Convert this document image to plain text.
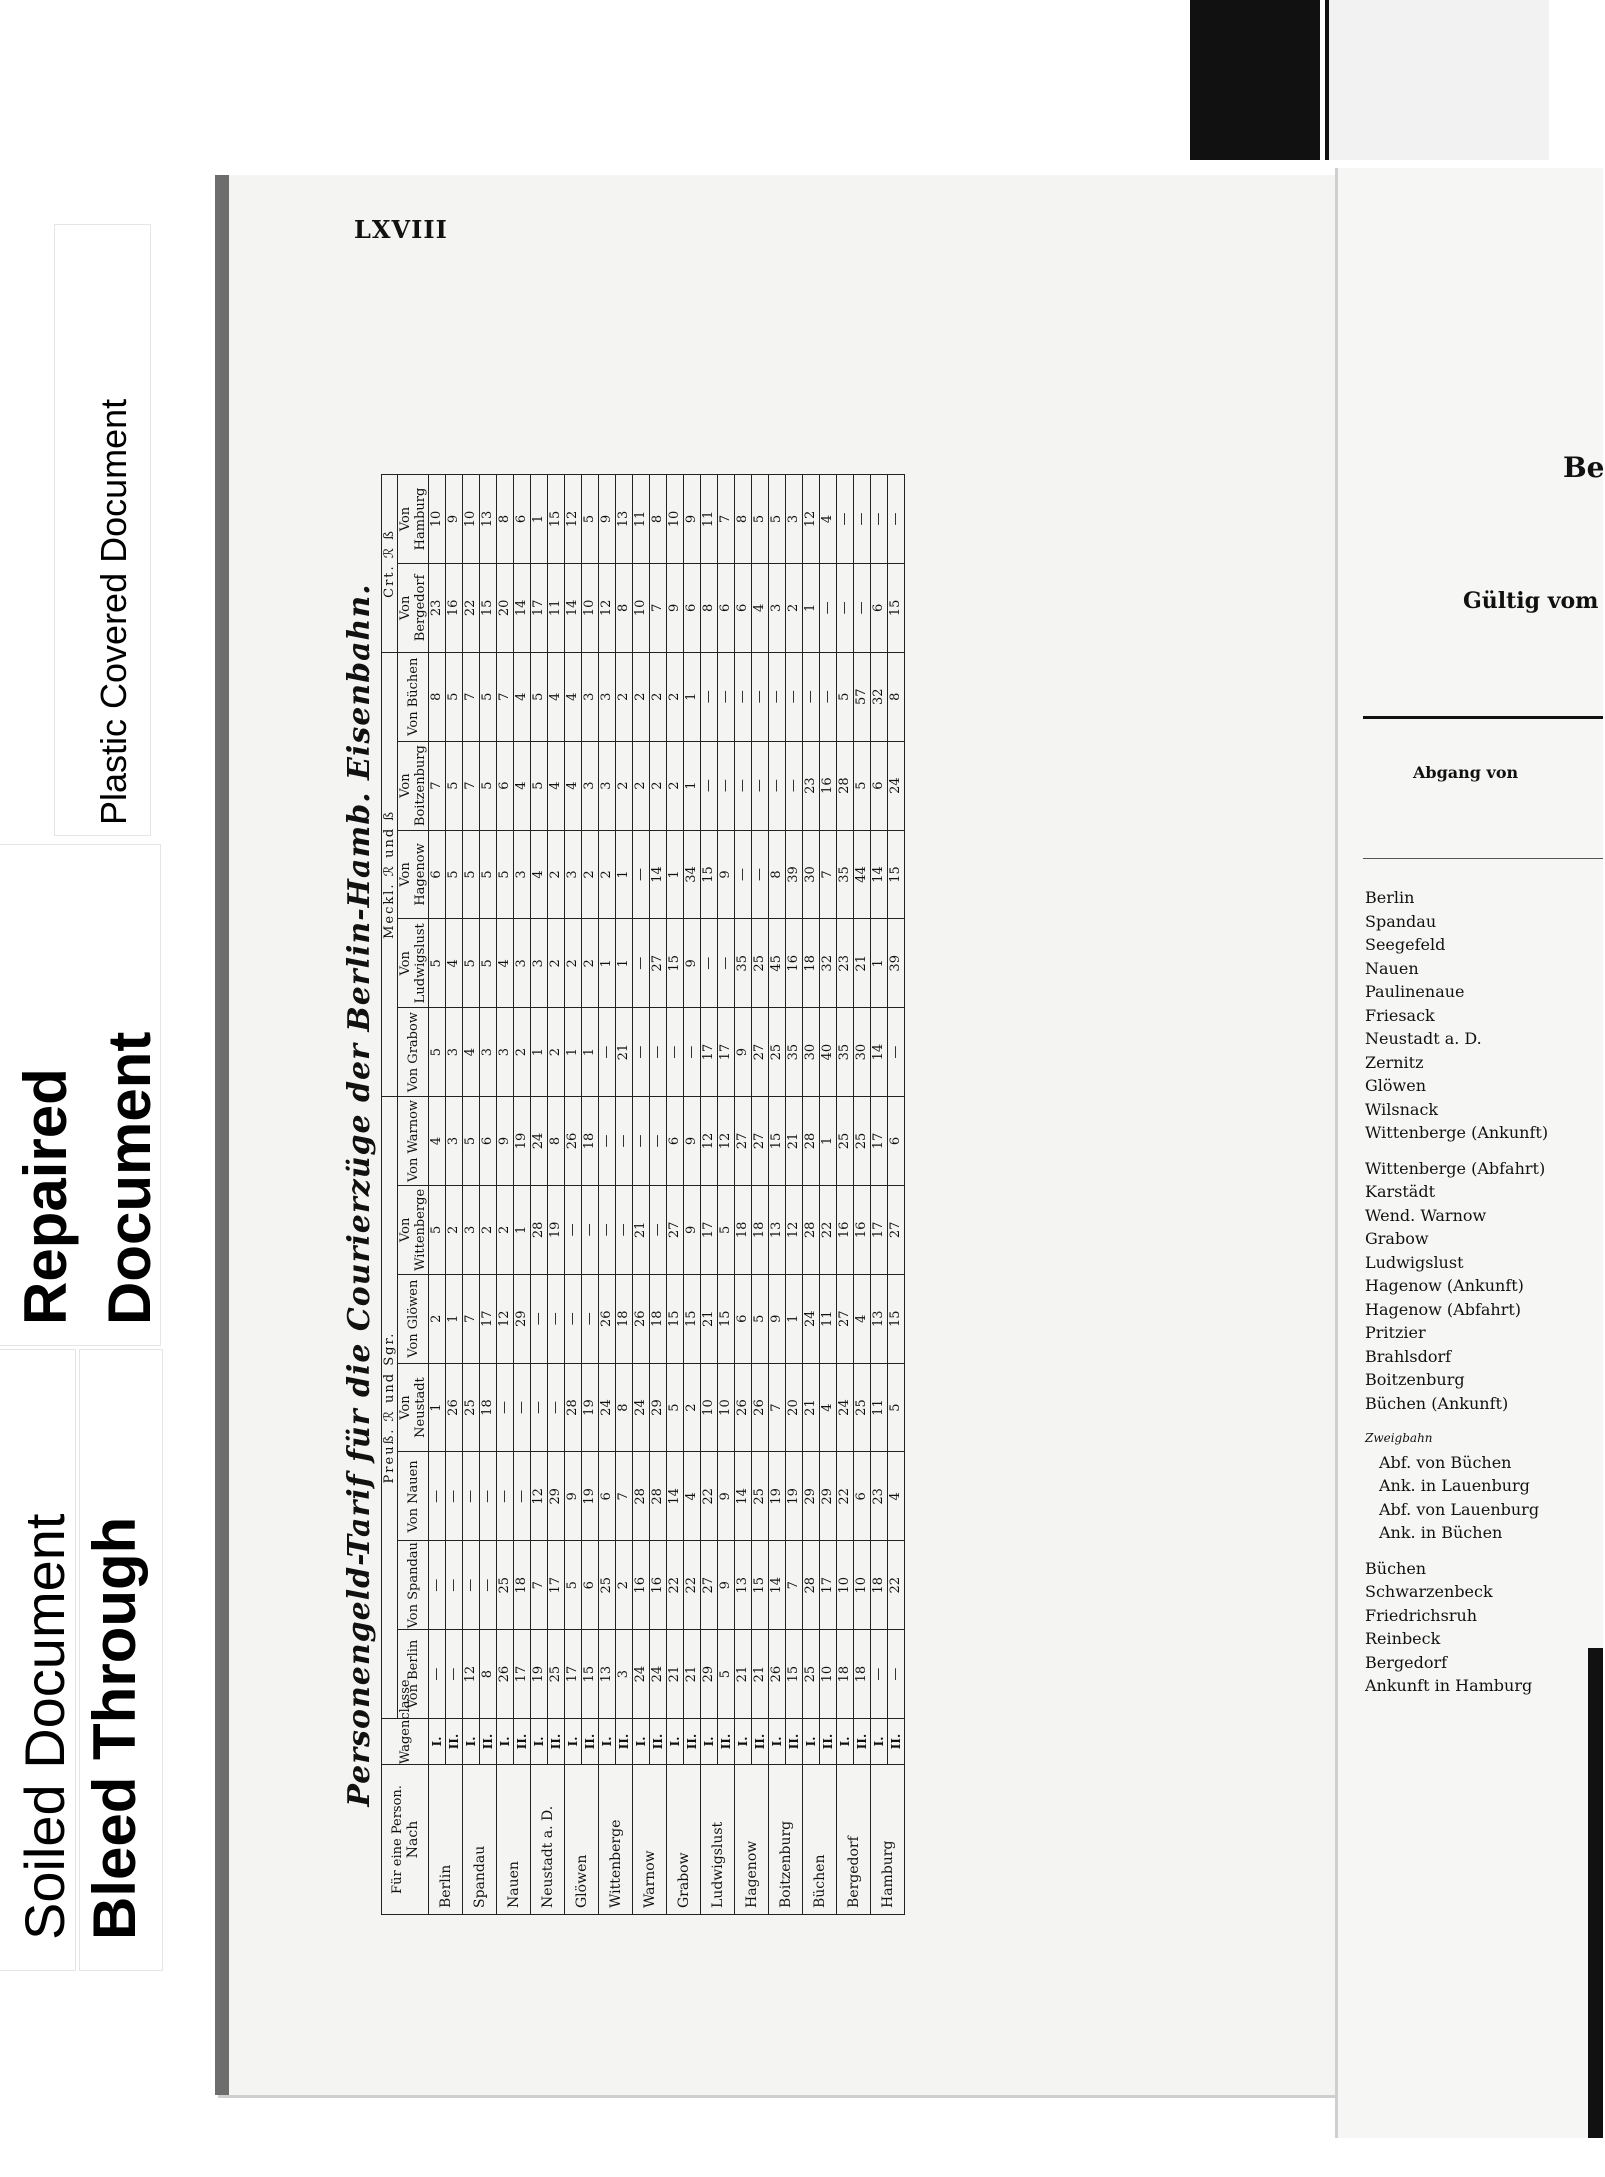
Soiled Document Bleed Through
Repaired Document
Plastic Covered Document
LXVIII
Personengeld-Tarif für die Courierzüge der Berlin-Hamb. Eisenbahn.
Für eine Person. Nach	Wagenclasse	Preuß. ℛ und Sgr.							Meckl. ℛ und ß					Crt. ℛ ß	
		Von Berlin	Von Spandau	Von Nauen	Von Neustadt	Von Glöwen	Von Wittenberge	Von Warnow	Von Grabow	Von Ludwigslust	Von Hagenow	Von Boitzenburg	Von Büchen	Von Bergedorf	Von Hamburg
Berlin	I.	—	—	—	1	2	5	4	5	5	6	7	8	23	10
	II.	—	—	—	26	1	2	3	3	4	5	5	5	16	9
Spandau	I.	12	—	—	25	7	3	5	4	5	5	7	7	22	10
	II.	8	—	—	18	17	2	6	3	5	5	5	5	15	13
Nauen	I.	26	25	—	—	12	2	9	3	4	5	6	7	20	8
	II.	17	18	—	—	29	1	19	2	3	3	4	4	14	6
Neustadt a. D.	I.	19	7	12	—	—	28	24	1	3	4	5	5	17	1
	II.	25	17	29	—	—	19	8	2	2	2	4	4	11	15
Glöwen	I.	17	5	9	28	—	—	26	1	2	3	4	4	14	12
	II.	15	6	19	19	—	—	18	1	2	2	3	3	10	5
Wittenberge	I.	13	25	6	24	26	—	—	—	1	2	3	3	12	9
	II.	3	2	7	8	18	—	—	21	1	1	2	2	8	13
Warnow	I.	24	16	28	24	26	21	—	—	—	—	2	2	10	11
	II.	24	16	28	29	18	—	—	—	27	14	2	2	7	8
Grabow	I.	21	22	14	5	15	27	6	—	15	1	2	2	9	10
	II.	21	22	4	2	15	9	9	—	9	34	1	1	6	9
Ludwigslust	I.	29	27	22	10	21	17	12	17	—	15	—	—	8	11
	II.	5	9	9	10	15	5	12	17	—	9	—	—	6	7
Hagenow	I.	21	13	14	26	6	18	27	9	35	—	—	—	6	8
	II.	21	15	25	26	5	18	27	27	25	—	—	—	4	5
Boitzenburg	I.	26	14	19	7	9	13	15	25	45	8	—	—	3	5
	II.	15	7	19	20	1	12	21	35	16	39	—	—	2	3
Büchen	I.	25	28	29	21	24	28	28	30	18	30	23	—	1	12
	II.	10	17	29	4	11	22	1	40	32	7	16	—	—	4
Bergedorf	I.	18	10	22	24	27	16	25	35	23	35	28	5	—	—
	II.	18	10	6	25	4	16	25	30	21	44	5	57	—	—
Hamburg	I.	—	18	23	11	13	17	17	14	1	14	6	32	6	—
	II.	—	22	4	5	15	27	6	—	39	15	24	8	15	—
Be
Gültig vom
Abgang von
Berlin
Spandau
Seegefeld
Nauen
Paulinenaue
Friesack
Neustadt a. D.
Zernitz
Glöwen
Wilsnack
Wittenberge (Ankunft)
Wittenberge (Abfahrt)
Karstädt
Wend. Warnow
Grabow
Ludwigslust
Hagenow (Ankunft)
Hagenow (Abfahrt)
Pritzier
Brahlsdorf
Boitzenburg
Büchen (Ankunft)
Zweigbahn
Abf. von Büchen
Ank. in Lauenburg
Abf. von Lauenburg
Ank. in Büchen
Büchen
Schwarzenbeck
Friedrichsruh
Reinbeck
Bergedorf
Ankunft in Hamburg
